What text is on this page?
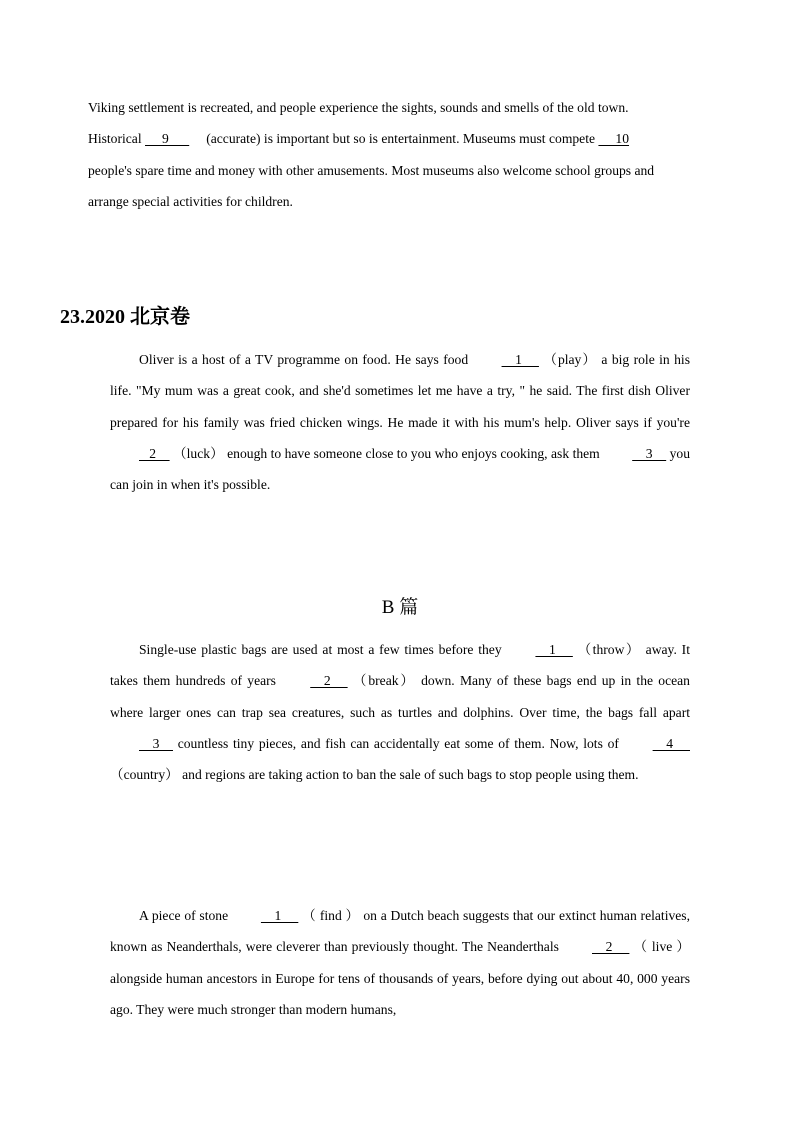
Viking settlement is recreated, and people experience the sights, sounds and smells of the old town.
Historical      9           (accurate) is important but so is entertainment. Museums must compete      10
people's spare time and money with other amusements. Most museums also welcome school groups and
arrange special activities for children.
23.2020 北京卷

Oliver is a host of a TV programme on food. He says food     1      （play） a big role in his life. "My mum was a great cook, and she'd sometimes let me have a try, " he said. The first dish Oliver prepared for his family was fried chicken wings. He made it with his mum's help. Oliver says if you're    2     （luck） enough to have someone close to you who enjoys cooking, ask them     3     you can join in when it's possible.

B 篇

Single-use plastic bags are used at most a few times before they     1      （throw） away. It takes them hundreds of years     2      （break） down. Many of these bags end up in the ocean where larger ones can trap sea creatures, such as turtles and dolphins. Over time, the bags fall apart     3     countless tiny pieces, and fish can accidentally eat some of them. Now, lots of     4      （country） and regions are taking action to ban the sale of such bags to stop people using them.

A piece of stone     1      （ find ） on a Dutch beach suggests that our extinct human relatives, known as Neanderthals, were cleverer than previously thought. The Neanderthals     2      （ live ） alongside human ancestors in Europe for tens of thousands of years, before dying out about 40, 000 years ago. They were much stronger than modern humans,
